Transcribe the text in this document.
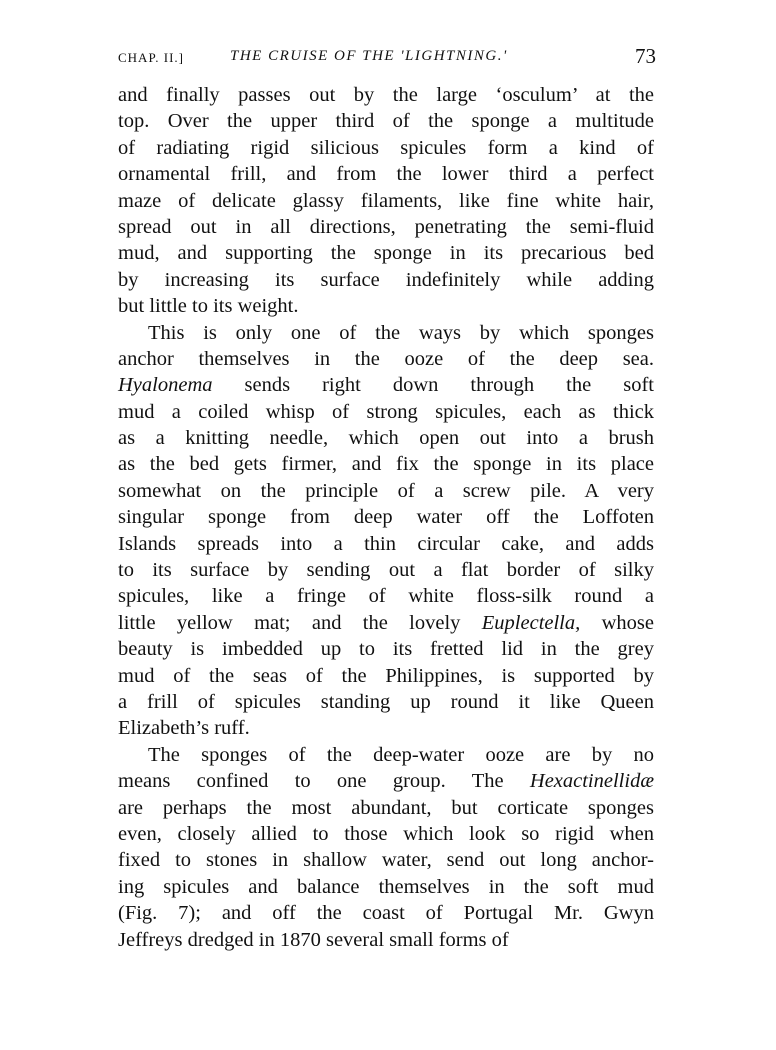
CHAP. II.]	THE CRUISE OF THE 'LIGHTNING.'	73
and finally passes out by the large ‘osculum’ at the
top. Over the upper third of the sponge a multitude
of radiating rigid silicious spicules form a kind of
ornamental frill, and from the lower third a perfect
maze of delicate glassy filaments, like fine white hair,
spread out in all directions, penetrating the semi-fluid
mud, and supporting the sponge in its precarious bed
by increasing its surface indefinitely while adding
but little to its weight.
This is only one of the ways by which sponges
anchor themselves in the ooze of the deep sea.
Hyalonema sends right down through the soft
mud a coiled whisp of strong spicules, each as thick
as a knitting needle, which open out into a brush
as the bed gets firmer, and fix the sponge in its place
somewhat on the principle of a screw pile. A very
singular sponge from deep water off the Loffoten
Islands spreads into a thin circular cake, and adds
to its surface by sending out a flat border of silky
spicules, like a fringe of white floss-silk round a
little yellow mat; and the lovely Euplectella, whose
beauty is imbedded up to its fretted lid in the grey
mud of the seas of the Philippines, is supported by
a frill of spicules standing up round it like Queen
Elizabeth’s ruff.
The sponges of the deep-water ooze are by no
means confined to one group. The Hexactinellidæ
are perhaps the most abundant, but corticate sponges
even, closely allied to those which look so rigid when
fixed to stones in shallow water, send out long anchor-
ing spicules and balance themselves in the soft mud
(Fig. 7); and off the coast of Portugal Mr. Gwyn
Jeffreys dredged in 1870 several small forms of
